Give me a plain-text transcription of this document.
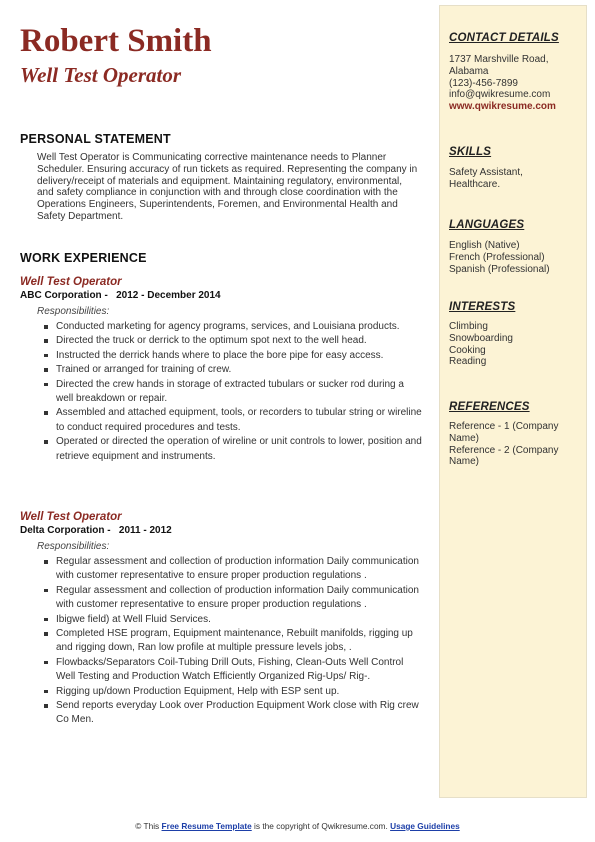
Robert Smith
Well Test Operator
PERSONAL STATEMENT
Well Test Operator is Communicating corrective maintenance needs to Planner Scheduler. Ensuring accuracy of run tickets as required. Representing the company in delivery/receipt of materials and equipment. Maintaining regulatory, environmental, and safety compliance in conjunction with and through close coordination with the Operations Engineers, Superintendents, Foremen, and Environmental Health and Safety Department.
WORK EXPERIENCE
Well Test Operator
ABC Corporation -   2012 - December 2014
Responsibilities:
Conducted marketing for agency programs, services, and Louisiana products.
Directed the truck or derrick to the optimum spot next to the well head.
Instructed the derrick hands where to place the bore pipe for easy access.
Trained or arranged for training of crew.
Directed the crew hands in storage of extracted tubulars or sucker rod during a well breakdown or repair.
Assembled and attached equipment, tools, or recorders to tubular string or wireline to conduct required procedures and tests.
Operated or directed the operation of wireline or unit controls to lower, position and retrieve equipment and instruments.
Well Test Operator
Delta Corporation -   2011 - 2012
Responsibilities:
Regular assessment and collection of production information Daily communication with customer representative to ensure proper production regulations .
Regular assessment and collection of production information Daily communication with customer representative to ensure proper production regulations .
Ibigwe field) at Well Fluid Services.
Completed HSE program, Equipment maintenance, Rebuilt manifolds, rigging up and rigging down, Ran low profile at multiple pressure levels jobs, .
Flowbacks/Separators Coil-Tubing Drill Outs, Fishing, Clean-Outs Well Control Well Testing and Production Watch Efficiently Organized Rig-Ups/ Rig-.
Rigging up/down Production Equipment, Help with ESP sent up.
Send reports everyday Look over Production Equipment Work close with Rig crew Co Men.
CONTACT DETAILS
1737 Marshville Road,
Alabama
(123)-456-7899
info@qwikresume.com
www.qwikresume.com
SKILLS
Safety Assistant, Healthcare.
LANGUAGES
English (Native)
French (Professional)
Spanish (Professional)
INTERESTS
Climbing
Snowboarding
Cooking
Reading
REFERENCES
Reference - 1 (Company Name)
Reference - 2 (Company Name)
© This Free Resume Template is the copyright of Qwikresume.com. Usage Guidelines
